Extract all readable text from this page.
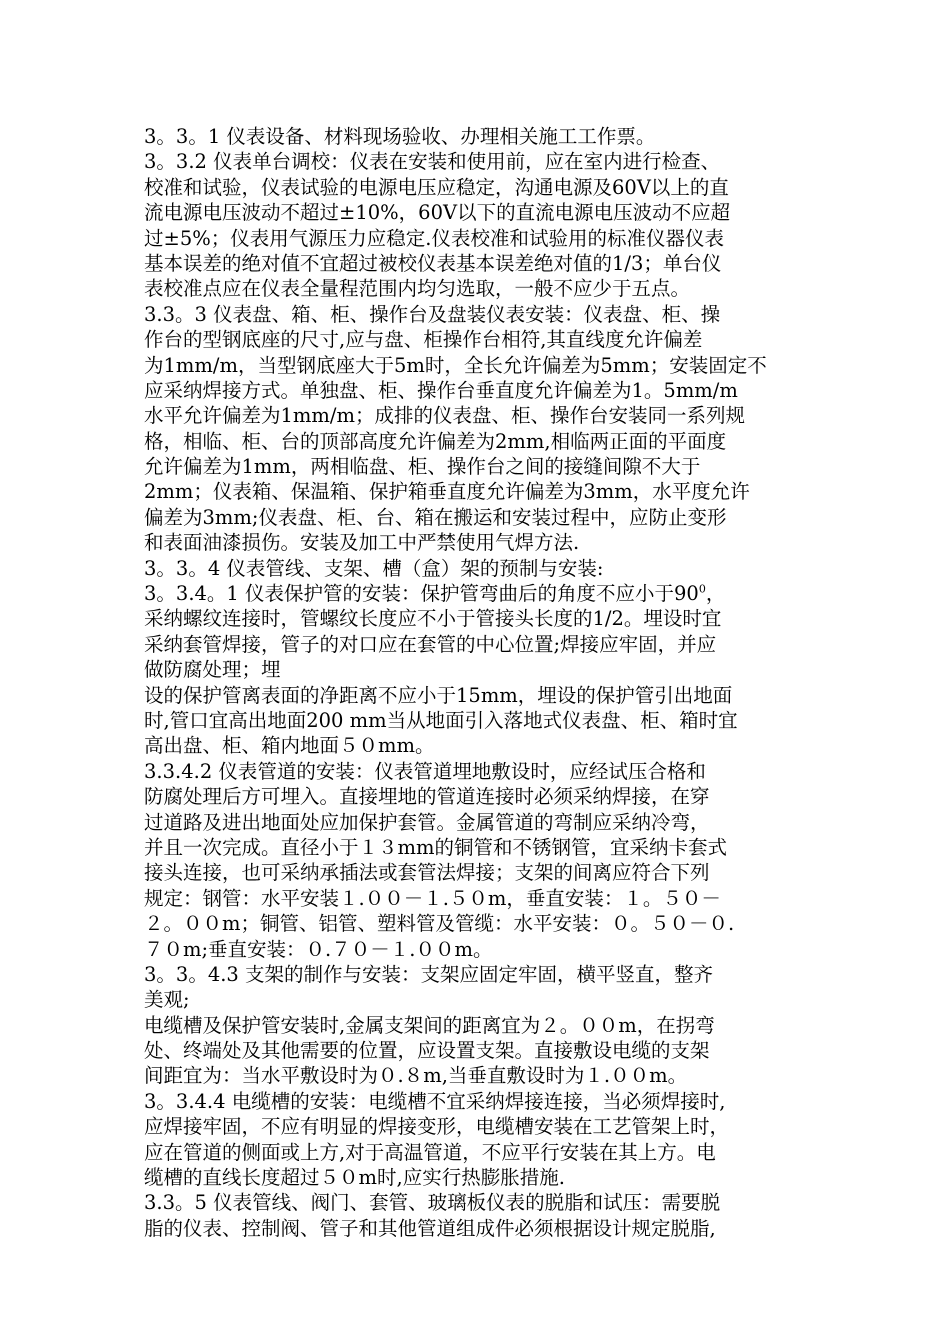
3。3。1 仪表设备、材料现场验收、办理相关施工工作票。
3。3.2 仪表单台调校：仪表在安装和使用前，应在室内进行检查、
校准和试验，仪表试验的电源电压应稳定，沟通电源及60V以上的直
流电源电压波动不超过±10%，60V以下的直流电源电压波动不应超
过±5%；仪表用气源压力应稳定.仪表校准和试验用的标准仪器仪表
基本误差的绝对值不宜超过被校仪表基本误差绝对值的1/3；单台仪
表校准点应在仪表全量程范围内均匀选取，一般不应少于五点。
3.3。3 仪表盘、箱、柜、操作台及盘装仪表安装：仪表盘、柜、操
作台的型钢底座的尺寸,应与盘、柜操作台相符,其直线度允许偏差
为1mm/m，当型钢底座大于5m时，全长允许偏差为5mm；安装固定不
应采纳焊接方式。单独盘、柜、操作台垂直度允许偏差为1。5mm/m
水平允许偏差为1mm/m；成排的仪表盘、柜、操作台安装同一系列规
格，相临、柜、台的顶部高度允许偏差为2mm,相临两正面的平面度
允许偏差为1mm，两相临盘、柜、操作台之间的接缝间隙不大于
2mm；仪表箱、保温箱、保护箱垂直度允许偏差为3mm，水平度允许
偏差为3mm;仪表盘、柜、台、箱在搬运和安装过程中，应防止变形
和表面油漆损伤。安装及加工中严禁使用气焊方法.
3。3。4 仪表管线、支架、槽（盒）架的预制与安装:
3。3.4。1 仪表保护管的安装：保护管弯曲后的角度不应小于$90^0$，
采纳螺纹连接时，管螺纹长度应不小于管接头长度的1/2。埋设时宜
采纳套管焊接，管子的对口应在套管的中心位置;焊接应牢固，并应
做防腐处理；埋
设的保护管离表面的净距离不应小于15mm，埋设的保护管引出地面
时,管口宜高出地面200 mm当从地面引入落地式仪表盘、柜、箱时宜
高出盘、柜、箱内地面５０mm。
3.3.4.2 仪表管道的安装：仪表管道埋地敷设时，应经试压合格和
防腐处理后方可埋入。直接埋地的管道连接时必须采纳焊接，在穿
过道路及进出地面处应加保护套管。金属管道的弯制应采纳冷弯，
并且一次完成。直径小于１３mm的铜管和不锈钢管，宜采纳卡套式
接头连接，也可采纳承插法或套管法焊接；支架的间离应符合下列
规定：钢管：水平安装１.００－１.５０m，垂直安装：１。５０－
２。００m；铜管、铝管、塑料管及管缆：水平安装：０。５０－０.
７０m;垂直安装：０.７０－１.００m。
3。3。4.3 支架的制作与安装：支架应固定牢固，横平竖直，整齐
美观;
电缆槽及保护管安装时,金属支架间的距离宜为２。００m，在拐弯
处、终端处及其他需要的位置，应设置支架。直接敷设电缆的支架
间距宜为：当水平敷设时为０.８m,当垂直敷设时为１.００m。
3。3.4.4 电缆槽的安装：电缆槽不宜采纳焊接连接，当必须焊接时,
应焊接牢固，不应有明显的焊接变形，电缆槽安装在工艺管架上时，
应在管道的侧面或上方,对于高温管道，不应平行安装在其上方。电
缆槽的直线长度超过５０m时,应实行热膨胀措施.
3.3。5 仪表管线、阀门、套管、玻璃板仪表的脱脂和试压：需要脱
脂的仪表、控制阀、管子和其他管道组成件必须根据设计规定脱脂,
